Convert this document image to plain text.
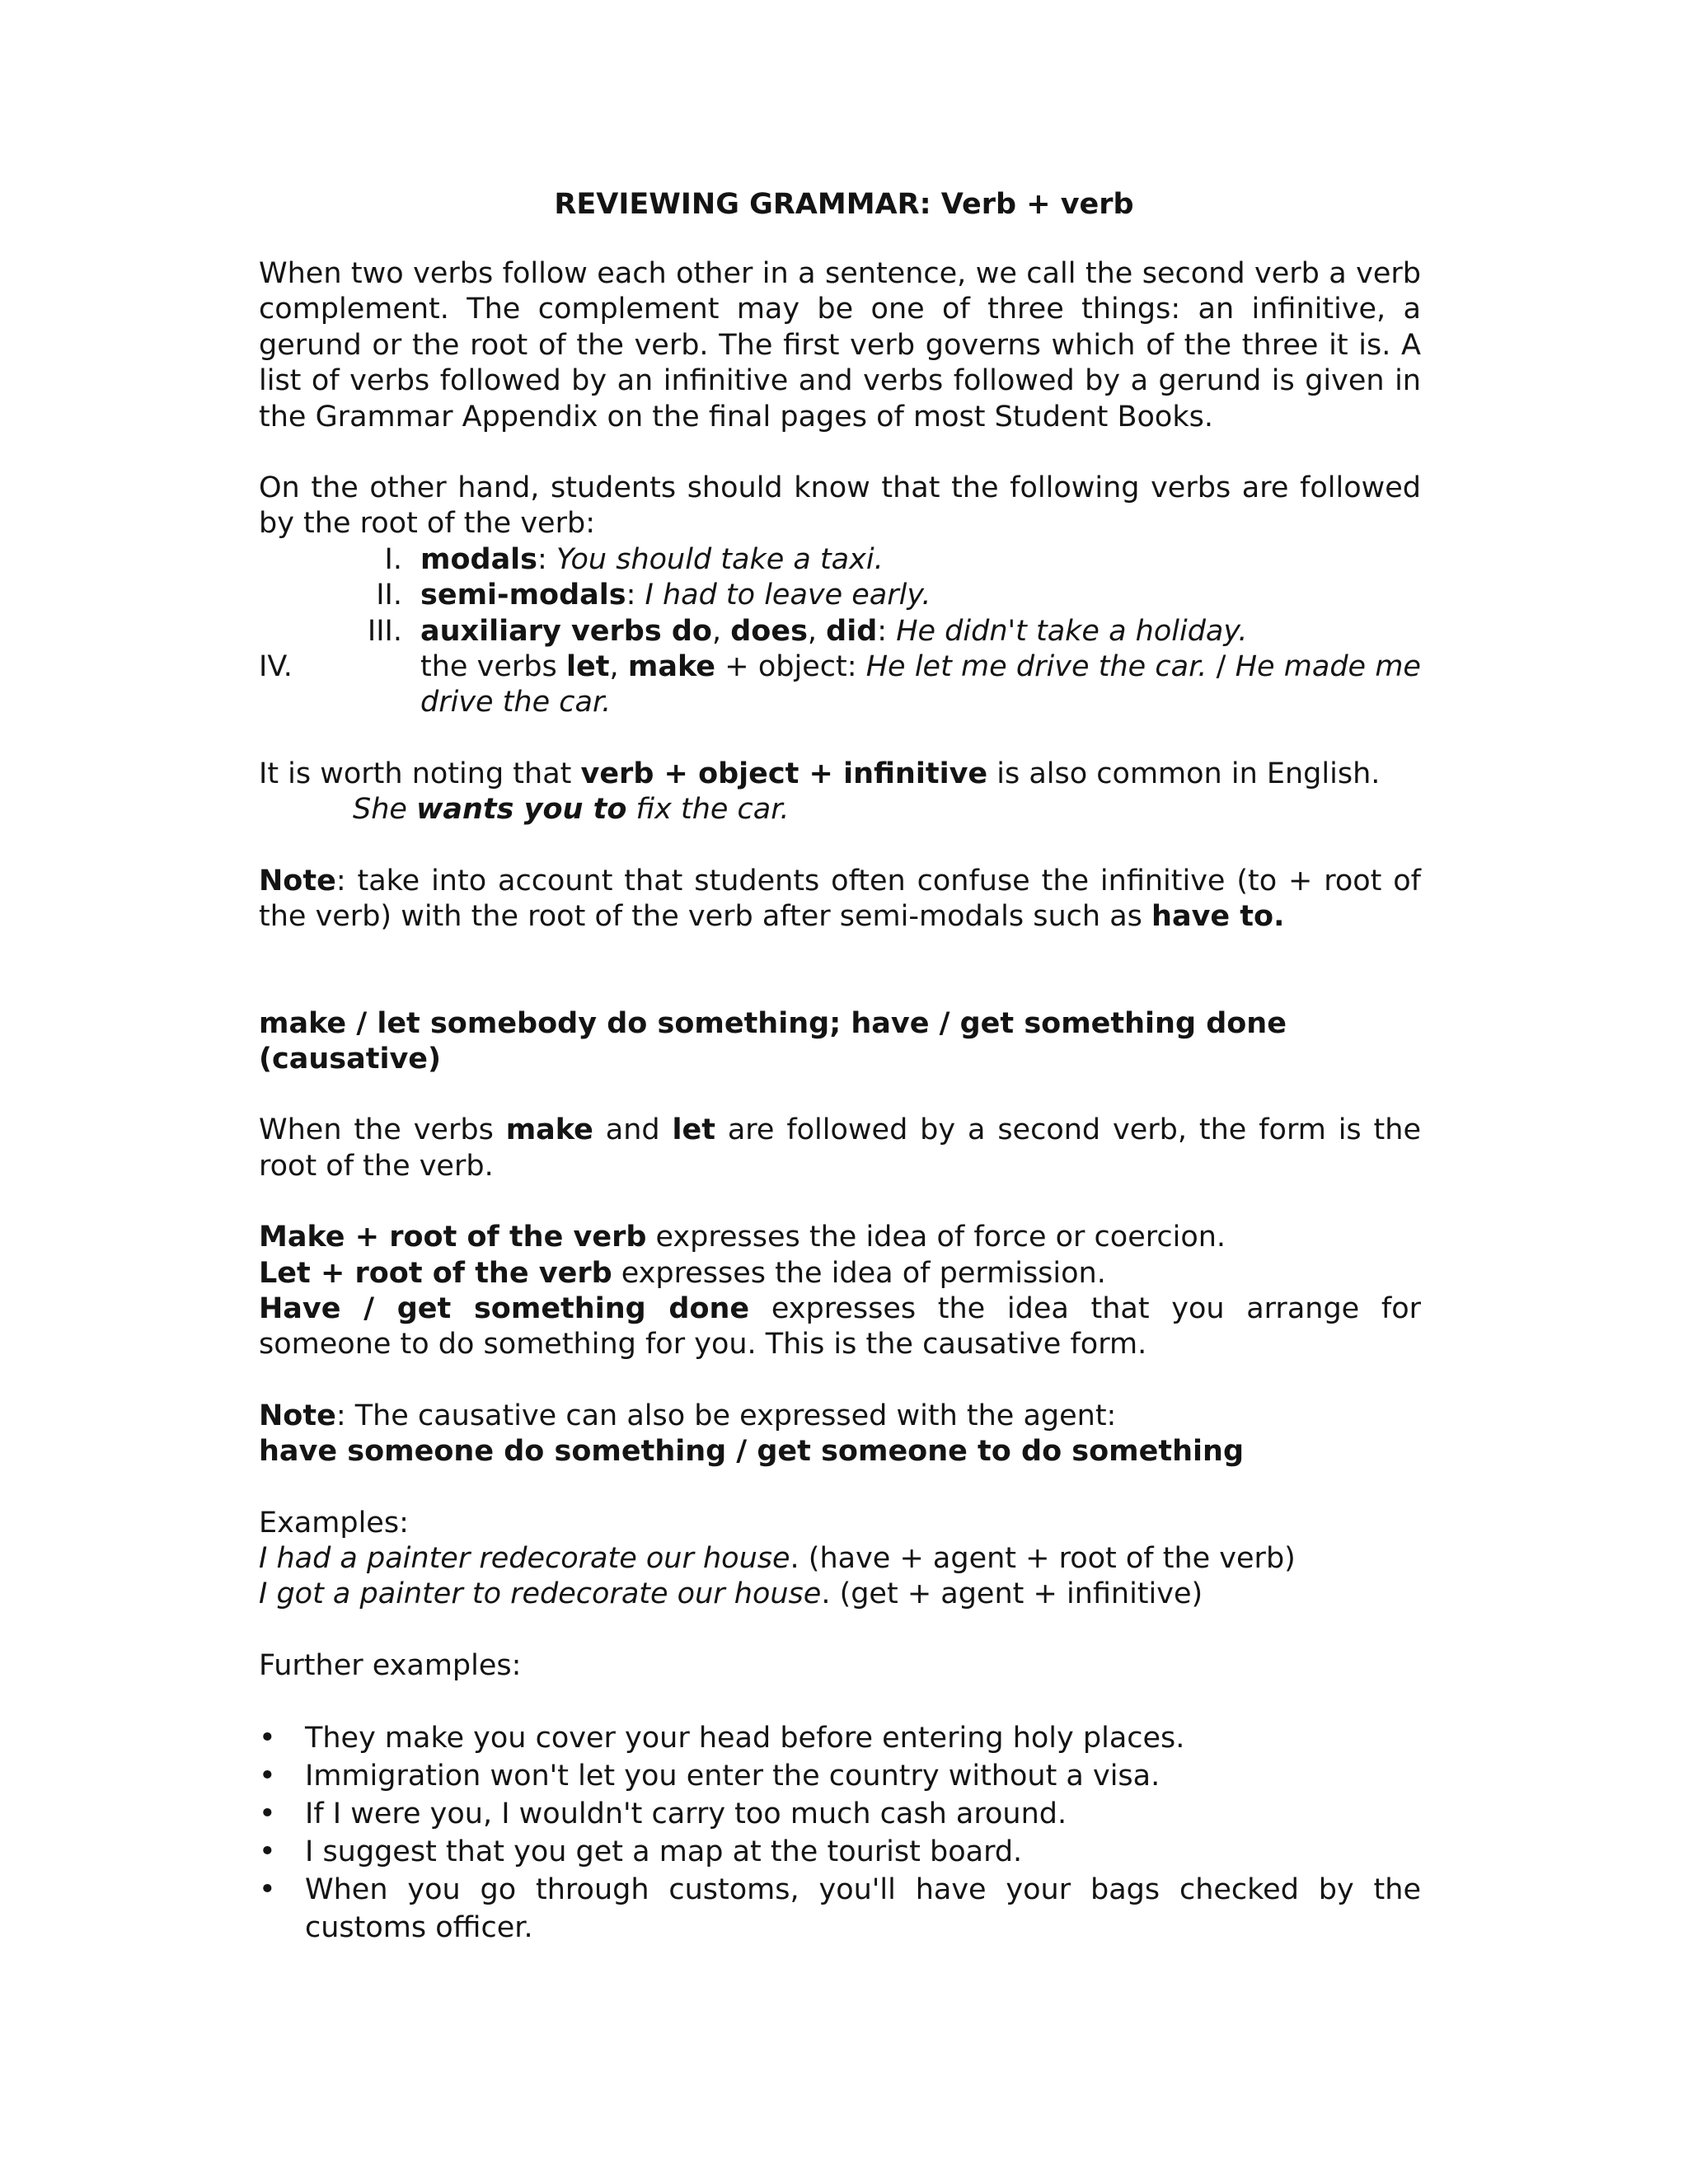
REVIEWING GRAMMAR: Verb + verb

When two verbs follow each other in a sentence, we call the second verb a verb complement. The complement may be one of three things: an infinitive, a gerund or the root of the verb. The first verb governs which of the three it is. A list of verbs followed by an infinitive and verbs followed by a gerund is given in the Grammar Appendix on the final pages of most Student Books.

On the other hand, students should know that the following verbs are followed by the root of the verb:

I. modals: You should take a taxi.
II. semi-modals: I had to leave early.
III. auxiliary verbs do, does, did: He didn't take a holiday.
IV.	the verbs let, make + object: He let me drive the car. / He made me drive the car.

It is worth noting that verb + object + infinitive is also common in English.

She wants you to fix the car.

Note: take into account that students often confuse the infinitive (to + root of the verb) with the root of the verb after semi-modals such as have to.

make / let somebody do something; have / get something done (causative)

When the verbs make and let are followed by a second verb, the form is the root of the verb.

Make + root of the verb expresses the idea of force or coercion.

Let + root of the verb expresses the idea of permission.

Have / get something done expresses the idea that you arrange for someone to do something for you. This is the causative form.

Note: The causative can also be expressed with the agent:

have someone do something / get someone to do something

Examples:

I had a painter redecorate our house. (have + agent + root of the verb)

I got a painter to redecorate our house. (get + agent + infinitive)

Further examples:

• They make you cover your head before entering holy places.
• Immigration won't let you enter the country without a visa.
• If I were you, I wouldn't carry too much cash around.
• I suggest that you get a map at the tourist board.
• When you go through customs, you'll have your bags checked by the customs officer.
